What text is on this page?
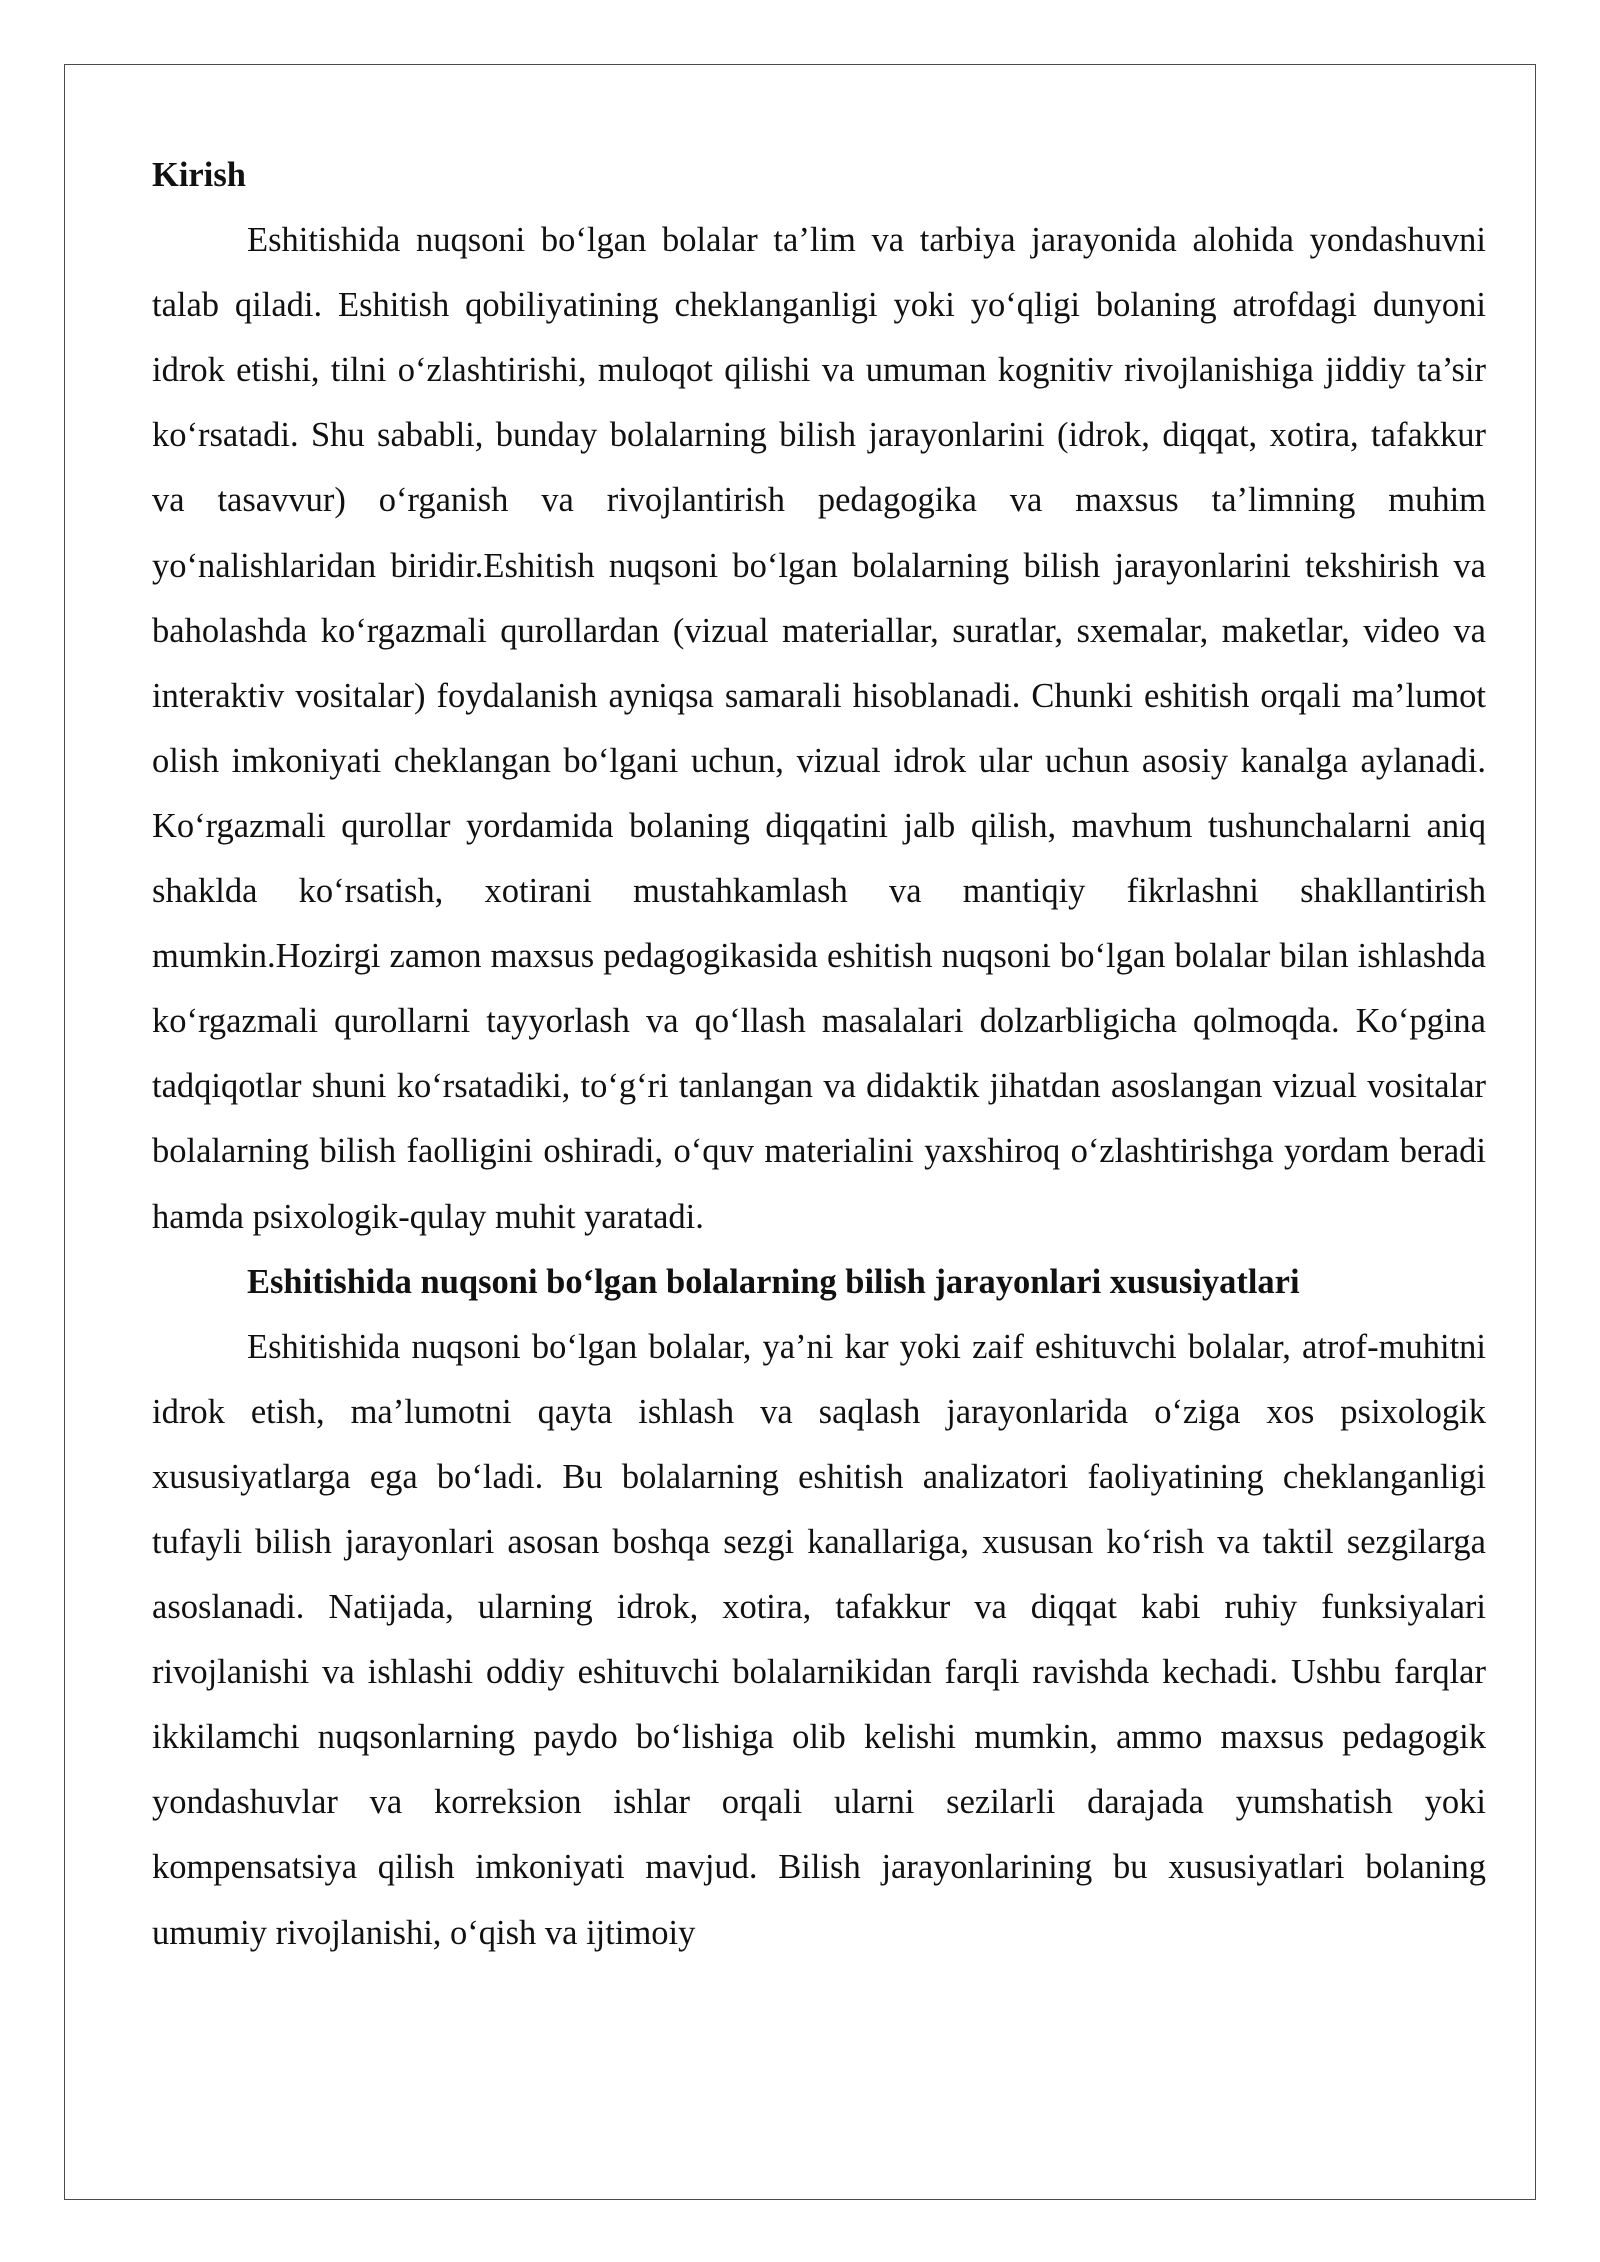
Kirish

Eshitishida nuqsoni bo‘lgan bolalar ta’lim va tarbiya jarayonida alohida yondashuvni talab qiladi. Eshitish qobiliyatining cheklanganligi yoki yo‘qligi bolaning atrofdagi dunyoni idrok etishi, tilni o‘zlashtirishi, muloqot qilishi va umuman kognitiv rivojlanishiga jiddiy ta’sir ko‘rsatadi. Shu sababli, bunday bolalarning bilish jarayonlarini (idrok, diqqat, xotira, tafakkur va tasavvur) o‘rganish va rivojlantirish pedagogika va maxsus ta’limning muhim yo‘nalishlaridan biridir.Eshitish nuqsoni bo‘lgan bolalarning bilish jarayonlarini tekshirish va baholashda ko‘rgazmali qurollardan (vizual materiallar, suratlar, sxemalar, maketlar, video va interaktiv vositalar) foydalanish ayniqsa samarali hisoblanadi. Chunki eshitish orqali ma’lumot olish imkoniyati cheklangan bo‘lgani uchun, vizual idrok ular uchun asosiy kanalga aylanadi. Ko‘rgazmali qurollar yordamida bolaning diqqatini jalb qilish, mavhum tushunchalarni aniq shaklda ko‘rsatish, xotirani mustahkamlash va mantiqiy fikrlashni shakllantirish mumkin.Hozirgi zamon maxsus pedagogikasida eshitish nuqsoni bo‘lgan bolalar bilan ishlashda ko‘rgazmali qurollarni tayyorlash va qo‘llash masalalari dolzarbligicha qolmoqda. Ko‘pgina tadqiqotlar shuni ko‘rsatadiki, to‘g‘ri tanlangan va didaktik jihatdan asoslangan vizual vositalar bolalarning bilish faolligini oshiradi, o‘quv materialini yaxshiroq o‘zlashtirishga yordam beradi hamda psixologik-qulay muhit yaratadi.

Eshitishida nuqsoni bo‘lgan bolalarning bilish jarayonlari xususiyatlari

Eshitishida nuqsoni bo‘lgan bolalar, ya’ni kar yoki zaif eshituvchi bolalar, atrof-muhitni idrok etish, ma’lumotni qayta ishlash va saqlash jarayonlarida o‘ziga xos psixologik xususiyatlarga ega bo‘ladi. Bu bolalarning eshitish analizatori faoliyatining cheklanganligi tufayli bilish jarayonlari asosan boshqa sezgi kanallariga, xususan ko‘rish va taktil sezgilarga asoslanadi. Natijada, ularning idrok, xotira, tafakkur va diqqat kabi ruhiy funksiyalari rivojlanishi va ishlashi oddiy eshituvchi bolalarnikidan farqli ravishda kechadi. Ushbu farqlar ikkilamchi nuqsonlarning paydo bo‘lishiga olib kelishi mumkin, ammo maxsus pedagogik yondashuvlar va korreksion ishlar orqali ularni sezilarli darajada yumshatish yoki kompensatsiya qilish imkoniyati mavjud. Bilish jarayonlarining bu xususiyatlari bolaning umumiy rivojlanishi, o‘qish va ijtimoiy
